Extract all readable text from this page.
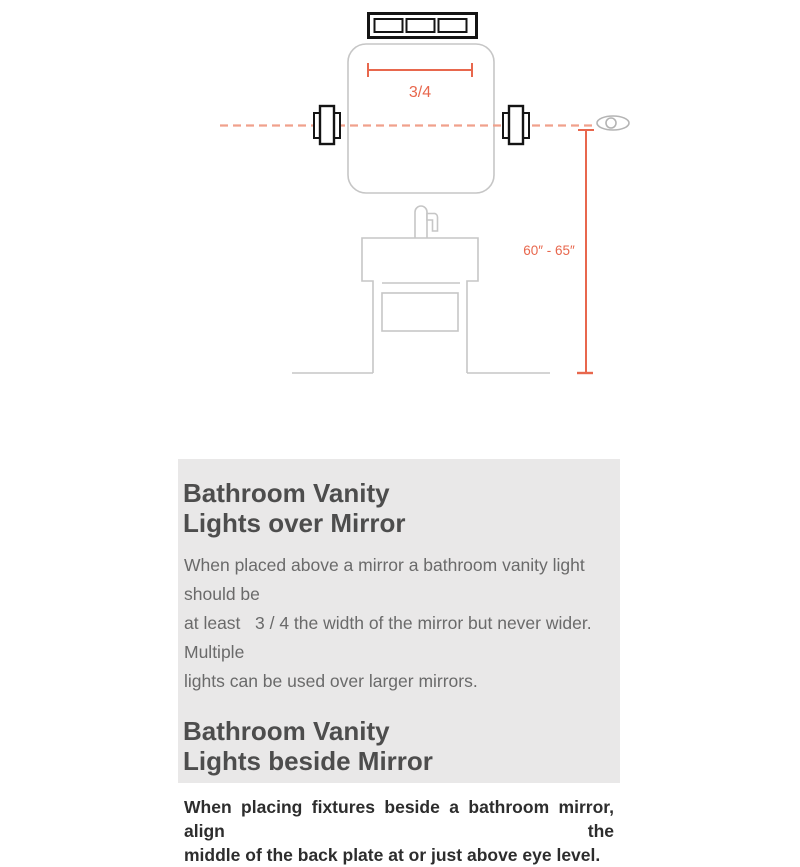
3/4
60″ - 65″
Bathroom Vanity
Lights over Mirror

When placed above a mirror a bathroom vanity light should be
at least   3 / 4 the width of the mirror but never wider.  Multiple
lights can be used over larger mirrors.

Bathroom Vanity
Lights beside Mirror

When placing fixtures beside a bathroom mirror, align the
middle of the back plate at or just above eye level.
